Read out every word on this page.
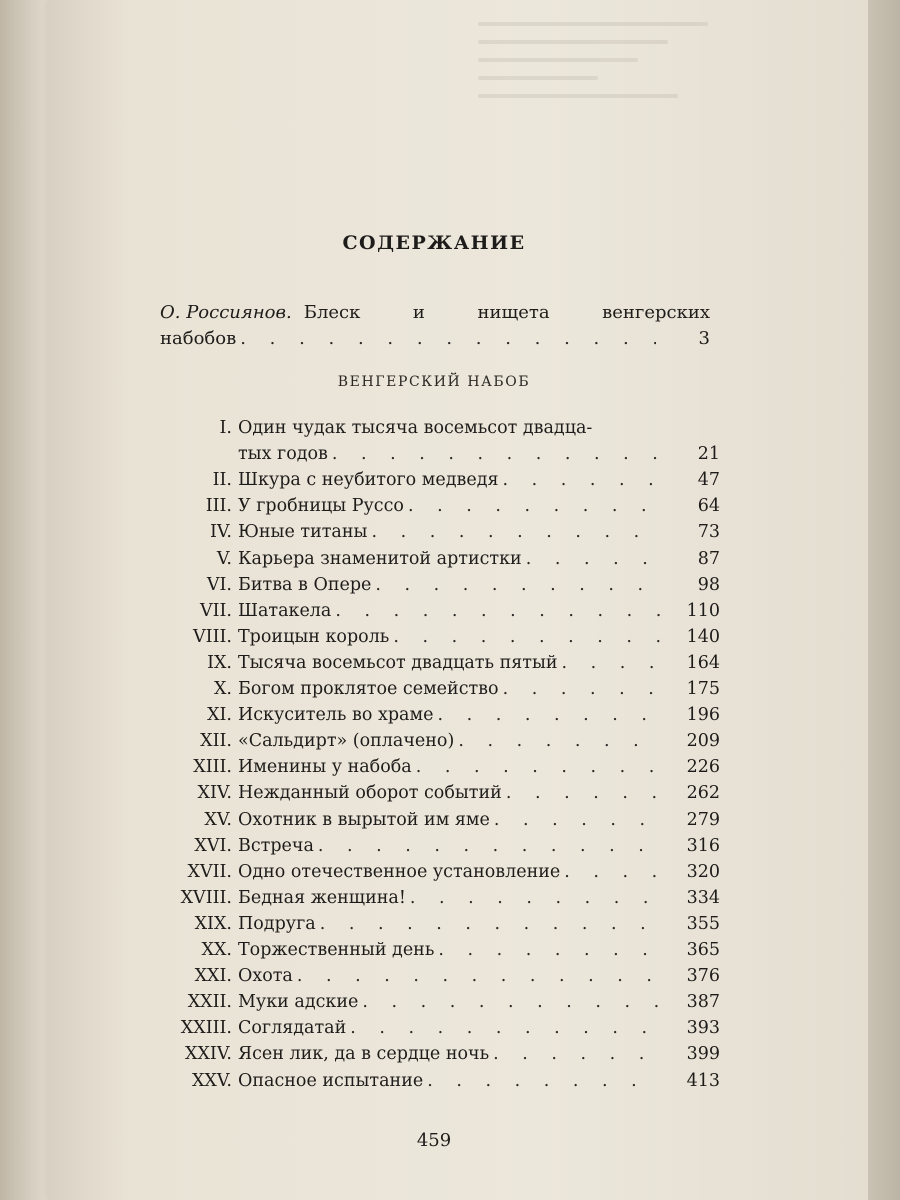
СОДЕРЖАНИЕ
О. Россиянов. Блеск и нищета венгерских
набобов . . .	3
ВЕНГЕРСКИЙ НАБОБ
I. Один чудак тысяча восемьсот двадца-
тых годов . . .	21
II. Шкура с неубитого медведя . . .	47
III. У гробницы Руссо . . .	64
IV. Юные титаны . . .	73
V. Карьера знаменитой артистки . . .	87
VI. Битва в Опере . . .	98
VII. Шатакела . . .	110
VIII. Троицын король . . .	140
IX. Тысяча восемьсот двадцать пятый . . .	164
X. Богом проклятое семейство . . .	175
XI. Искуситель во храме . . .	196
XII. «Сальдирт» (оплачено) . . .	209
XIII. Именины у набоба . . .	226
XIV. Нежданный оборот событий . . .	262
XV. Охотник в вырытой им яме . . .	279
XVI. Встреча . . .	316
XVII. Одно отечественное установление . . .	320
XVIII. Бедная женщина! . . .	334
XIX. Подруга . . .	355
XX. Торжественный день . . .	365
XXI. Охота . . .	376
XXII. Муки адские . . .	387
XXIII. Соглядатай . . .	393
XXIV. Ясен лик, да в сердце ночь . . .	399
XXV. Опасное испытание . . .	413
459
